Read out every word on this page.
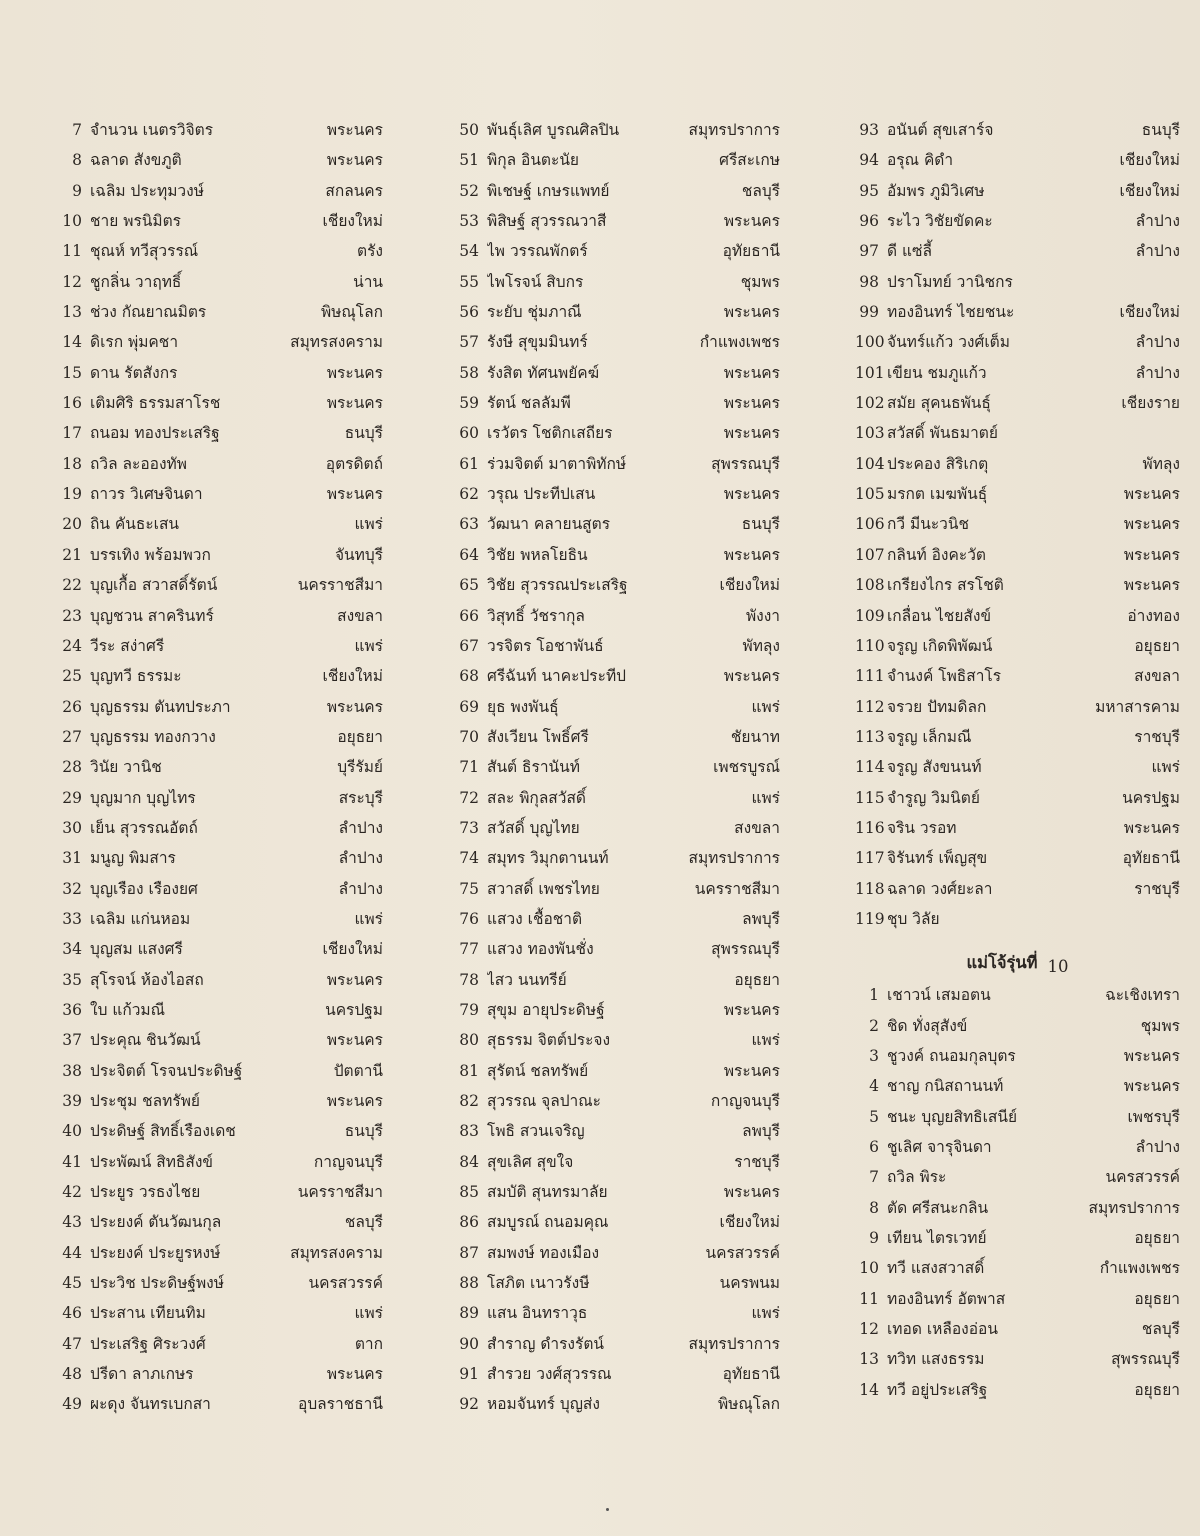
7 จำนวน เนตรวิจิตร	พระนคร
8 ฉลาด สังขภูติ	พระนคร
9 เฉลิม ประทุมวงษ์	สกลนคร
10 ชาย พรนิมิตร	เชียงใหม่
11 ชุณห์ ทวีสุวรรณ์	ตรัง
12 ชูกลิ่น วาฤทธิ์	น่าน
13 ช่วง กัณยาณมิตร	พิษณุโลก
14 ดิเรก พุ่มคชา	สมุทรสงคราม
15 ดาน รัตสังกร	พระนคร
16 เติมศิริ ธรรมสาโรช	พระนคร
17 ถนอม ทองประเสริฐ	ธนบุรี
18 ถวิล ละอองทัพ	อุตรดิตถ์
19 ถาวร วิเศษจินดา	พระนคร
20 ถิน คันธะเสน	แพร่
21 บรรเทิง พร้อมพวก	จันทบุรี
22 บุญเกื้อ สวาสดิ์รัตน์	นครราชสีมา
23 บุญชวน สาครินทร์	สงขลา
24 วีระ สง่าศรี	แพร่
25 บุญทวี ธรรมะ	เชียงใหม่
26 บุญธรรม ตันทประภา	พระนคร
27 บุญธรรม ทองกวาง	อยุธยา
28 วินัย วานิช	บุรีรัมย์
29 บุญมาก บุญไทร	สระบุรี
30 เย็น สุวรรณอัตถ์	ลำปาง
31 มนูญ พิมสาร	ลำปาง
32 บุญเรือง เรืองยศ	ลำปาง
33 เฉลิม แก่นหอม	แพร่
34 บุญสม แสงศรี	เชียงใหม่
35 สุโรจน์ ห้องไอสถ	พระนคร
36 ใบ แก้วมณี	นครปฐม
37 ประคุณ ชินวัฒน์	พระนคร
38 ประจิตต์ โรจนประดิษฐ์	ปัตตานี
39 ประชุม ชลทรัพย์	พระนคร
40 ประดิษฐ์ สิทธิ์เรืองเดช	ธนบุรี
41 ประพัฒน์ สิทธิสังข์	กาญจนบุรี
42 ประยูร วรธงไชย	นครราชสีมา
43 ประยงค์ ตันวัฒนกุล	ชลบุรี
44 ประยงค์ ประยูรหงษ์	สมุทรสงคราม
45 ประวิช ประดิษฐ์พงษ์	นครสวรรค์
46 ประสาน เทียนทิม	แพร่
47 ประเสริฐ ศิระวงศ์	ตาก
48 ปรีดา ลาภเกษร	พระนคร
49 ผะดุง จันทรเบกสา	อุบลราชธานี
50 พันธุ์เลิศ บูรณศิลปิน	สมุทรปราการ
51 พิกุล อินตะนัย	ศรีสะเกษ
52 พิเชษฐ์ เกษรแพทย์	ชลบุรี
53 พิสิษฐ์ สุวรรณวาสี	พระนคร
54 ไพ วรรณพักตร์	อุทัยธานี
55 ไพโรจน์ สิบกร	ชุมพร
56 ระยับ ชุ่มภาณี	พระนคร
57 รังษี สุขุมมินทร์	กำแพงเพชร
58 รังสิต ทัศนพยัคฆ์	พระนคร
59 รัตน์ ชลลัมพี	พระนคร
60 เรวัตร โชติกเสถียร	พระนคร
61 ร่วมจิตต์ มาตาพิทักษ์	สุพรรณบุรี
62 วรุณ ประทีปเสน	พระนคร
63 วัฒนา คลายนสูตร	ธนบุรี
64 วิชัย พหลโยธิน	พระนคร
65 วิชัย สุวรรณประเสริฐ	เชียงใหม่
66 วิสุทธิ์ วัชรากุล	พังงา
67 วรจิตร โอชาพันธ์	พัทลุง
68 ศรีฉันท์ นาคะประทีป	พระนคร
69 ยุธ พงพันธุ์	แพร่
70 สังเวียน โพธิ์ศรี	ชัยนาท
71 สันต์ ธิรานันท์	เพชรบูรณ์
72 สละ พิกุลสวัสดิ์	แพร่
73 สวัสดิ์ บุญไทย	สงขลา
74 สมุทร วิมุกตานนท์	สมุทรปราการ
75 สวาสดิ์ เพชรไทย	นครราชสีมา
76 แสวง เชื้อชาติ	ลพบุรี
77 แสวง ทองพันชั่ง	สุพรรณบุรี
78 ไสว นนทรีย์	อยุธยา
79 สุขุม อายุประดิษฐ์	พระนคร
80 สุธรรม จิตต์ประจง	แพร่
81 สุรัตน์ ชลทรัพย์	พระนคร
82 สุวรรณ จุลปาณะ	กาญจนบุรี
83 โพธิ สวนเจริญ	ลพบุรี
84 สุขเลิศ สุขใจ	ราชบุรี
85 สมบัติ สุนทรมาลัย	พระนคร
86 สมบูรณ์ ถนอมคุณ	เชียงใหม่
87 สมพงษ์ ทองเมือง	นครสวรรค์
88 โสภิต เนาวรังษี	นครพนม
89 แสน อินทราวุธ	แพร่
90 สำราญ ดำรงรัตน์	สมุทรปราการ
91 สำรวย วงศ์สุวรรณ	อุทัยธานี
92 หอมจันทร์ บุญส่ง	พิษณุโลก
93 อนันต์ สุขเสาร์จ	ธนบุรี
94 อรุณ คิดำ	เชียงใหม่
95 อัมพร ภูมิวิเศษ	เชียงใหม่
96 ระไว วิชัยขัดคะ	ลำปาง
97 ดี แซ่ลี้	ลำปาง
98 ปราโมทย์ วานิชกร
99 ทองอินทร์ ไชยชนะ	เชียงใหม่
100 จันทร์แก้ว วงศ์เต็ม	ลำปาง
101 เขียน ชมภูแก้ว	ลำปาง
102 สมัย สุคนธพันธุ์	เชียงราย
103 สวัสดิ์ พันธมาตย์
104 ประคอง สิริเกตุ	พัทลุง
105 มรกต เมฆพันธุ์	พระนคร
106 กวี มีนะวนิช	พระนคร
107 กลินท์ อิงคะวัต	พระนคร
108 เกรียงไกร สรโชติ	พระนคร
109 เกลื่อน ไชยสังข์	อ่างทอง
110 จรูญ เกิดพิพัฒน์	อยุธยา
111 จำนงค์ โพธิสาโร	สงขลา
112 จรวย ปัทมดิลก	มหาสารคาม
113 จรูญ เล็กมณี	ราชบุรี
114 จรูญ สังขนนท์	แพร่
115 จำรูญ วิมนิตย์	นครปฐม
116 จริน วรอท	พระนคร
117 จิรันทร์ เพ็ญสุข	อุทัยธานี
118 ฉลาด วงศ์ยะลา	ราชบุรี
119 ชุบ วิลัย
แม่โจ้รุ่นที่ 10
1 เชาวน์ เสมอตน	ฉะเชิงเทรา
2 ชิด ทั่งสุสังข์	ชุมพร
3 ชูวงค์ ถนอมกุลบุตร	พระนคร
4 ชาญ กนิสถานนท์	พระนคร
5 ชนะ บุญยสิทธิเสนีย์	เพชรบุรี
6 ชูเลิศ จารุจินดา	ลำปาง
7 ถวิล พิระ	นครสวรรค์
8 ตัด ศรีสนะกลิน	สมุทรปราการ
9 เทียน ไตรเวทย์	อยุธยา
10 ทวี แสงสวาสดิ์	กำแพงเพชร
11 ทองอินทร์ อัตพาส	อยุธยา
12 เทอด เหลืองอ่อน	ชลบุรี
13 ทวิท แสงธรรม	สุพรรณบุรี
14 ทวี อยู่ประเสริฐ	อยุธยา
